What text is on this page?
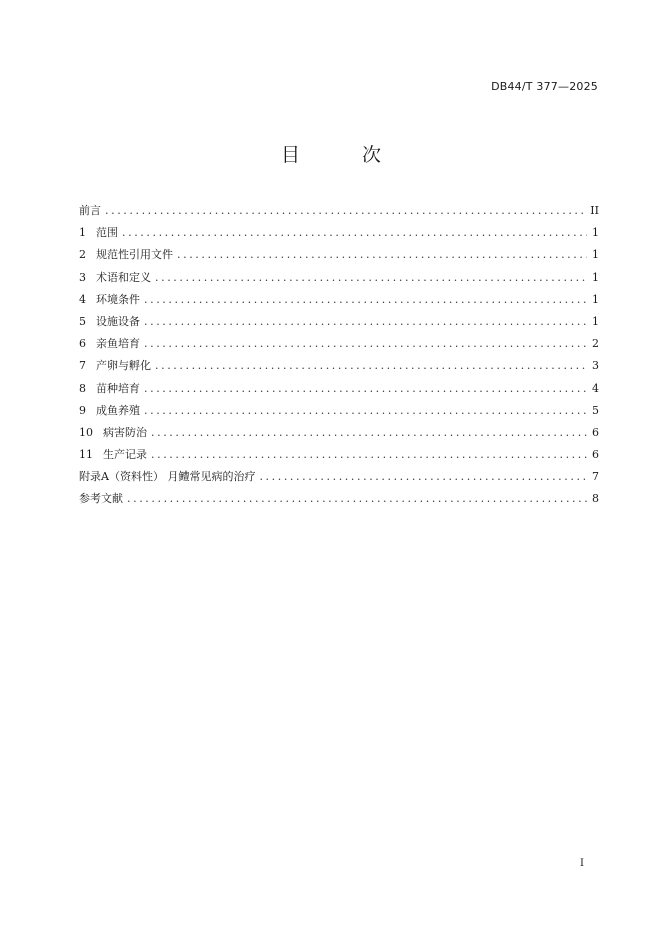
DB44/T 377—2025
目 次
前言 .....	II
1 范围 .....	1
2 规范性引用文件 .....	1
3 术语和定义 .....	1
4 环境条件 .....	1
5 设施设备 .....	1
6 亲鱼培育 .....	2
7 产卵与孵化 .....	3
8 苗种培育 .....	4
9 成鱼养殖 .....	5
10 病害防治 .....	6
11 生产记录 .....	6
附录A（资料性） 月鳢常见病的治疗 .....	7
参考文献 .....	8
I
